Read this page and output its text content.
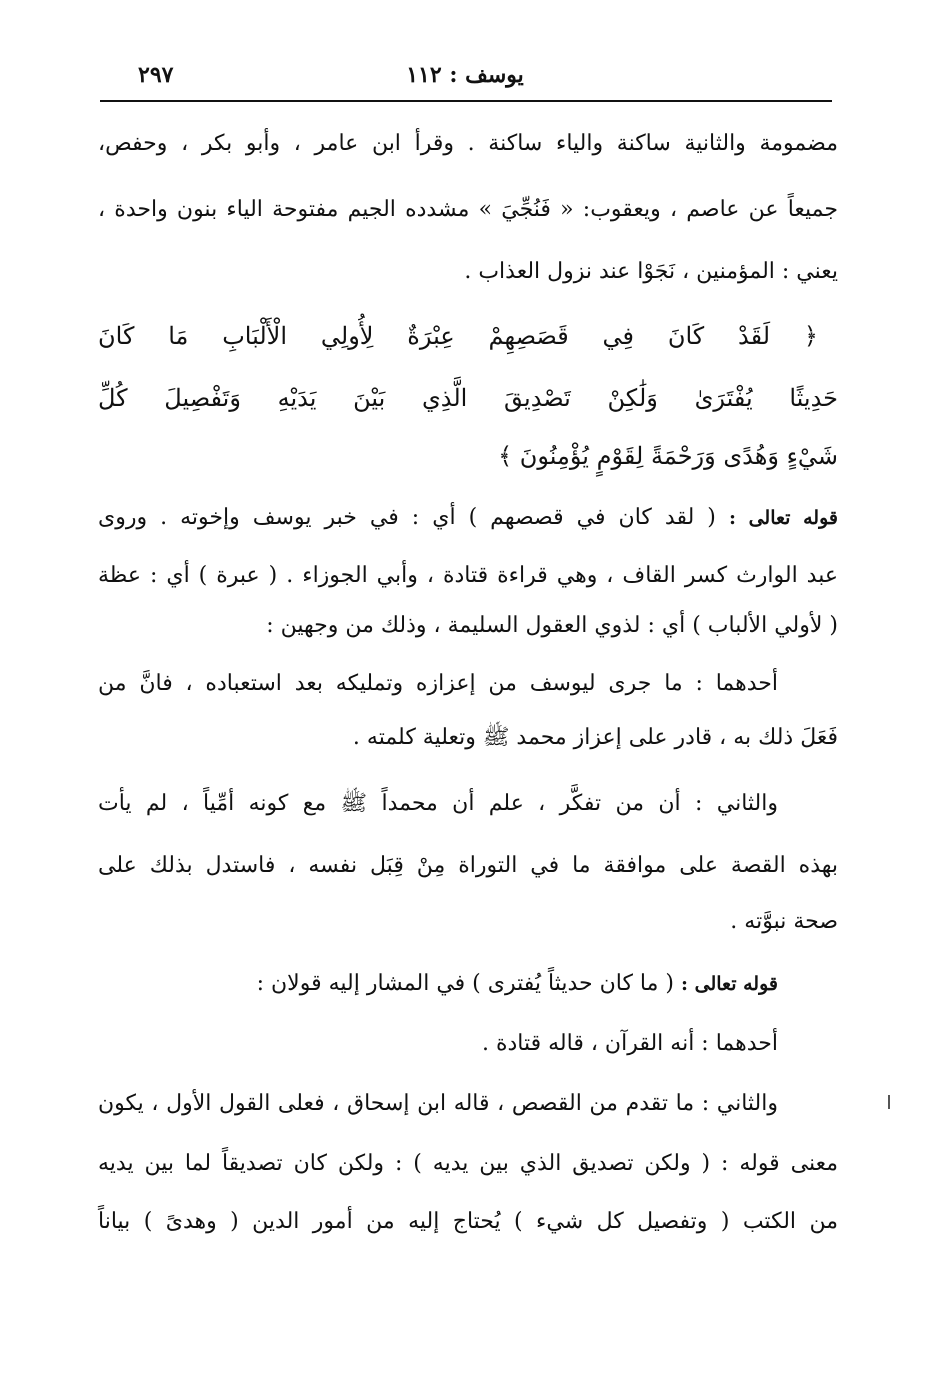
يوسف : ١١٢
٢٩٧
مضمومة والثانية ساكنة والياء ساكنة . وقرأ ابن عامر ، وأبو بكر ، وحفص،
جميعاً عن عاصم ، ويعقوب: « فَنُجِّيَ » مشدده الجيم مفتوحة الياء بنون واحدة ،
يعني : المؤمنين ، نَجَوْا عند نزول العذاب .
﴿ لَقَدْ كَانَ فِي قَصَصِهِمْ عِبْرَةٌ لِأُولِي الْأَلْبَابِ مَا كَانَ
حَدِيثًا يُفْتَرَىٰ وَلَٰكِنْ تَصْدِيقَ الَّذِي بَيْنَ يَدَيْهِ وَتَفْصِيلَ كُلِّ
شَيْءٍ وَهُدًى وَرَحْمَةً لِقَوْمٍ يُؤْمِنُونَ ﴾
قوله تعالى : ( لقد كان في قصصهم ) أي : في خبر يوسف وإخوته . وروى
عبد الوارث كسر القاف ، وهي قراءة قتادة ، وأبي الجوزاء . ( عبرة ) أي : عظة
( لأولي الألباب ) أي : لذوي العقول السليمة ، وذلك من وجهين :
أحدهما : ما جرى ليوسف من إعزازه وتمليكه بعد استعباده ، فانَّ من
فَعَلَ ذلك به ، قادر على إعزاز محمد ﷺ وتعلية كلمته .
والثاني : أن من تفكَّر ، علم أن محمداً ﷺ مع كونه أمِّياً ، لم يأت
بهذه القصة على موافقة ما في التوراة مِنْ قِبَل نفسه ، فاستدل بذلك على
صحة نبوَّته .
قوله تعالى : ( ما كان حديثاً يُفترى ) في المشار إليه قولان :
أحدهما : أنه القرآن ، قاله قتادة .
والثاني : ما تقدم من القصص ، قاله ابن إسحاق ، فعلى القول الأول ، يكون
معنى قوله : ( ولكن تصديق الذي بين يديه ) : ولكن كان تصديقاً لما بين يديه
من الكتب ( وتفصيل كل شيء ) يُحتاج إليه من أمور الدين ( وهدىً ) بياناً
